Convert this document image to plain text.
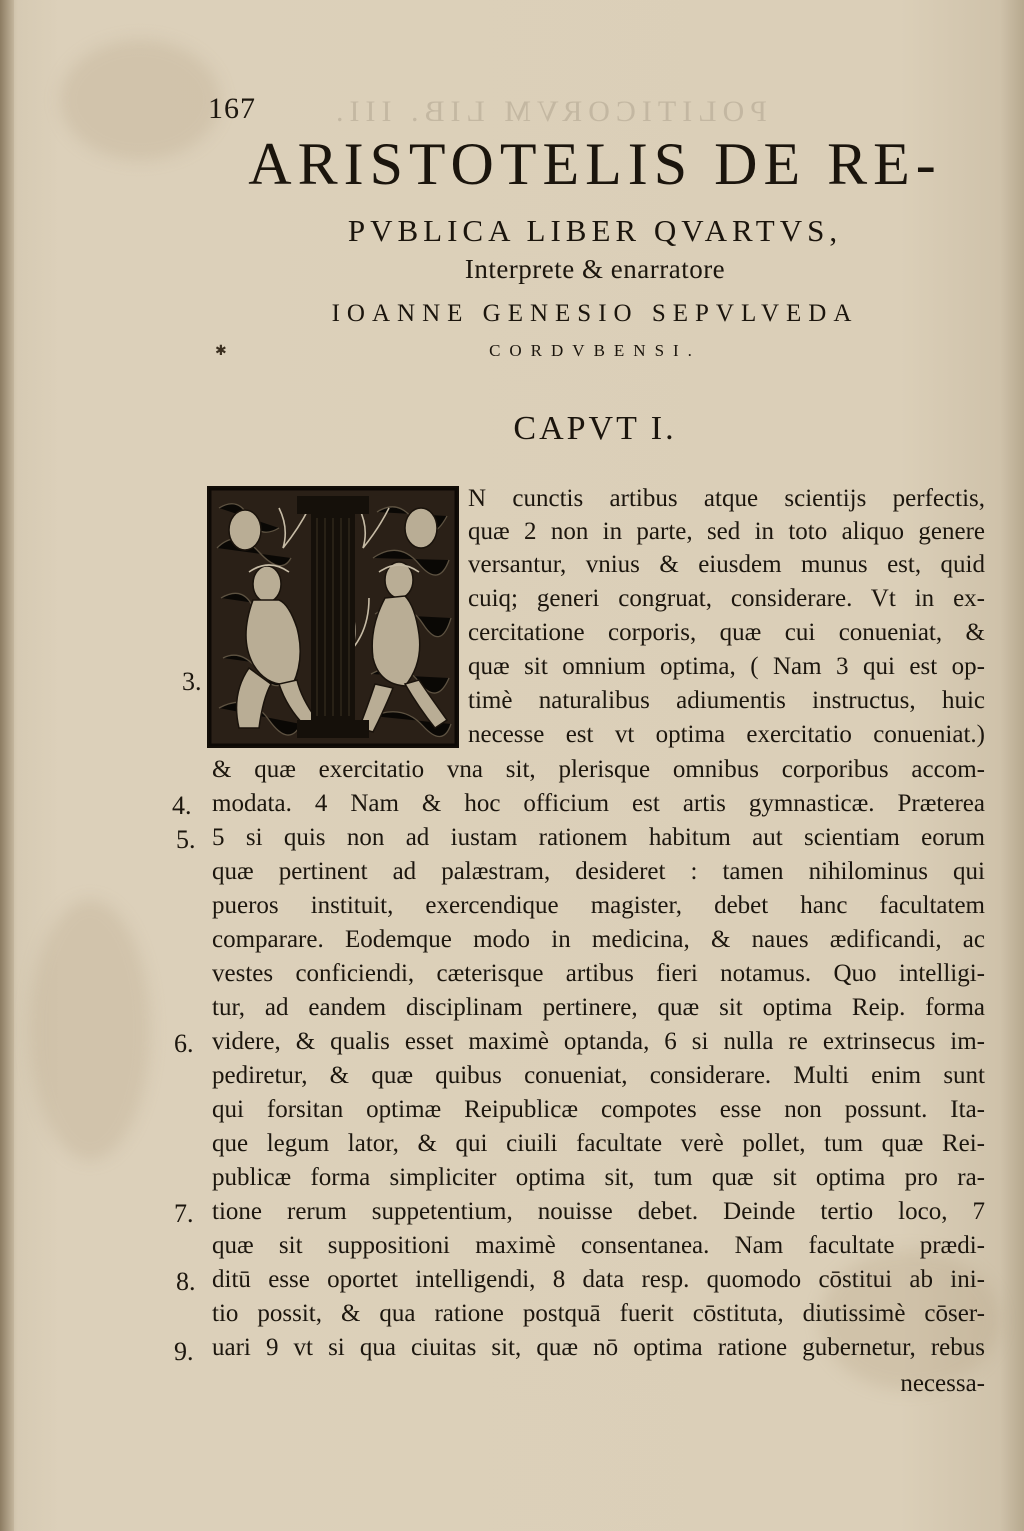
POLITICORVM LIB. III.
167
ARISTOTELIS DE RE-
PVBLICA LIBER QVARTVS,
Interprete & enarratore
IOANNE GENESIO SEPVLVEDA
CORDVBENSI.
✱
CAPVT I.
N cunctis artibus atque scientijs perfectis,
quæ 2 non in parte, sed in toto aliquo genere
versantur, vnius & eiusdem munus est, quid
cuiq; generi congruat, considerare. Vt in ex-
cercitatione corporis, quæ cui conueniat, &
quæ sit omnium optima, ( Nam 3 qui est op-
timè naturalibus adiumentis instructus, huic
necesse est vt optima exercitatio conueniat.)
& quæ exercitatio vna sit, plerisque omnibus corporibus accom-
modata. 4 Nam & hoc officium est artis gymnasticæ. Præterea
5 si quis non ad iustam rationem habitum aut scientiam eorum
quæ pertinent ad palæstram, desideret : tamen nihilominus qui
pueros instituit, exercendique magister, debet hanc facultatem
comparare. Eodemque modo in medicina, & naues ædificandi, ac
vestes conficiendi, cæterisque artibus fieri notamus. Quo intelligi-
tur, ad eandem disciplinam pertinere, quæ sit optima Reip. forma
videre, & qualis esset maximè optanda, 6 si nulla re extrinsecus im-
pediretur, & quæ quibus conueniat, considerare. Multi enim sunt
qui forsitan optimæ Reipublicæ compotes esse non possunt. Ita-
que legum lator, & qui ciuili facultate verè pollet, tum quæ Rei-
publicæ forma simpliciter optima sit, tum quæ sit optima pro ra-
tione rerum suppetentium, nouisse debet. Deinde tertio loco, 7
quæ sit suppositioni maximè consentanea. Nam facultate prædi-
ditū esse oportet intelligendi, 8 data resp. quomodo cōstitui ab ini-
tio possit, & qua ratione postquā fuerit cōstituta, diutissimè cōser-
uari 9 vt si qua ciuitas sit, quæ nō optima ratione gubernetur, rebus
necessa-
3.
4.
5.
6.
7.
8.
9.
